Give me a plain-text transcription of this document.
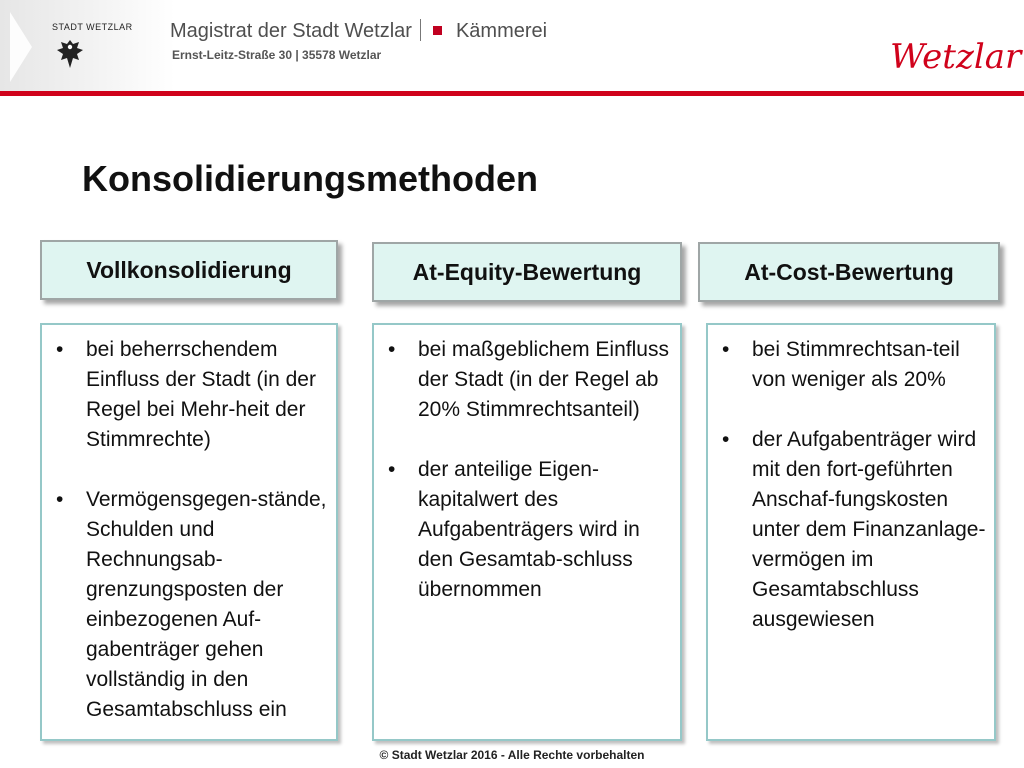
STADT WETZLAR Magistrat der Stadt Wetzlar Kämmerei
Ernst-Leitz-Straße 30 | 35578 Wetzlar	Wetzlar
Konsolidierungsmethoden
Vollkonsolidierung
• bei beherrschendem Einfluss der Stadt (in der Regel bei Mehr-heit der Stimmrechte)
• Vermögensgegen-stände, Schulden und Rechnungsab-grenzungsposten der einbezogenen Auf-gabenträger gehen vollständig in den Gesamtabschluss ein
At-Equity-Bewertung
• bei maßgeblichem Einfluss der Stadt (in der Regel ab 20% Stimmrechtsanteil)
• der anteilige Eigen-kapitalwert des Aufgabenträgers wird in den Gesamtab-schluss übernommen
At-Cost-Bewertung
• bei Stimmrechtsan-teil von weniger als 20%
• der Aufgabenträger wird mit den fort-geführten Anschaf-fungskosten unter dem Finanzanlage-vermögen im Gesamtabschluss ausgewiesen
© Stadt Wetzlar 2016 - Alle Rechte vorbehalten
